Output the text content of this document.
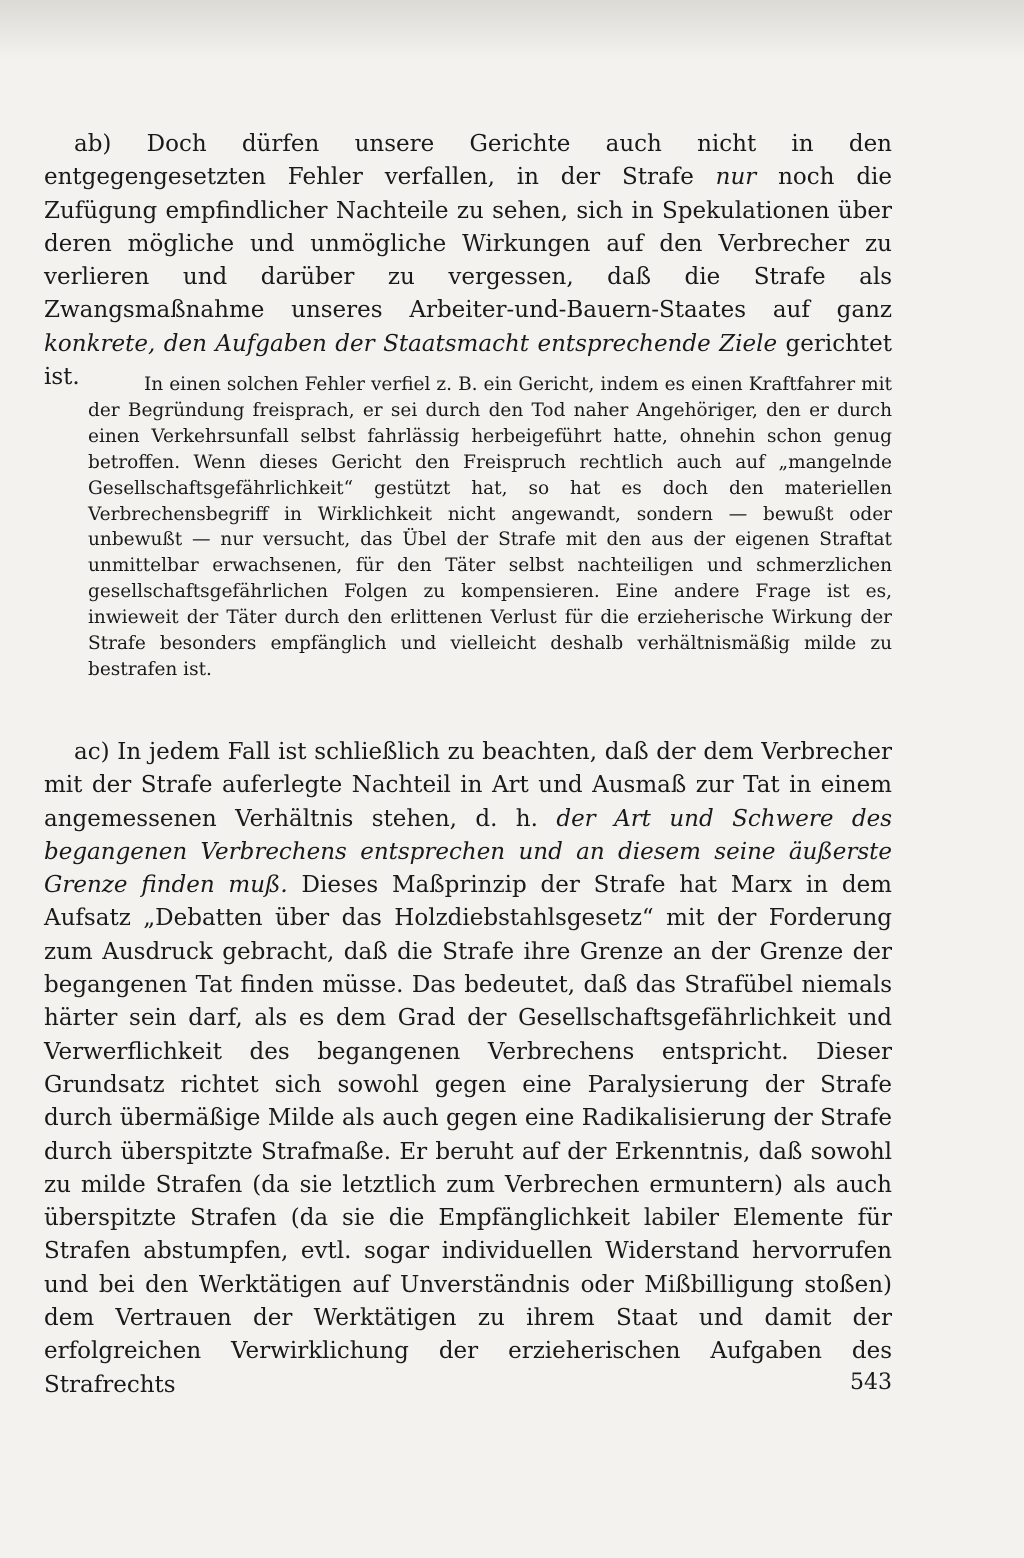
ab) Doch dürfen unsere Gerichte auch nicht in den entgegengesetzten Fehler verfallen, in der Strafe nur noch die Zufügung empfindlicher Nachteile zu sehen, sich in Spekulationen über deren mögliche und unmögliche Wirkungen auf den Verbrecher zu verlieren und darüber zu vergessen, daß die Strafe als Zwangsmaßnahme unseres Arbeiter-und-Bauern-Staates auf ganz konkrete, den Aufgaben der Staatsmacht entsprechende Ziele gerichtet ist.	In einen solchen Fehler verfiel z. B. ein Gericht, indem es einen Kraftfahrer mit der Begründung freisprach, er sei durch den Tod naher Angehöriger, den er durch einen Verkehrsunfall selbst fahrlässig herbeigeführt hatte, ohnehin schon genug betroffen. Wenn dieses Gericht den Freispruch rechtlich auch auf „mangelnde Gesellschaftsgefährlichkeit“ gestützt hat, so hat es doch den materiellen Verbrechensbegriff in Wirklichkeit nicht angewandt, sondern — bewußt oder unbewußt — nur versucht, das Übel der Strafe mit den aus der eigenen Straftat unmittelbar erwachsenen, für den Täter selbst nachteiligen und schmerzlichen gesellschaftsgefährlichen Folgen zu kompensieren. Eine andere Frage ist es, inwieweit der Täter durch den erlittenen Verlust für die erzieherische Wirkung der Strafe besonders empfänglich und vielleicht deshalb verhältnismäßig milde zu bestrafen ist.

ac) In jedem Fall ist schließlich zu beachten, daß der dem Verbrecher mit der Strafe auferlegte Nachteil in Art und Ausmaß zur Tat in einem angemessenen Verhältnis stehen, d. h. der Art und Schwere des begangenen Verbrechens entsprechen und an diesem seine äußerste Grenze finden muß. Dieses Maßprinzip der Strafe hat Marx in dem Aufsatz „Debatten über das Holzdiebstahlsgesetz“ mit der Forderung zum Ausdruck gebracht, daß die Strafe ihre Grenze an der Grenze der begangenen Tat finden müsse. Das bedeutet, daß das Strafübel niemals härter sein darf, als es dem Grad der Gesellschaftsgefährlichkeit und Verwerflichkeit des begangenen Verbrechens entspricht. Dieser Grundsatz richtet sich sowohl gegen eine Paralysierung der Strafe durch übermäßige Milde als auch gegen eine Radikalisierung der Strafe durch überspitzte Strafmaße. Er beruht auf der Erkenntnis, daß sowohl zu milde Strafen (da sie letztlich zum Verbrechen ermuntern) als auch überspitzte Strafen (da sie die Empfänglichkeit labiler Elemente für Strafen abstumpfen, evtl. sogar individuellen Widerstand hervorrufen und bei den Werktätigen auf Unverständnis oder Mißbilligung stoßen) dem Vertrauen der Werktätigen zu ihrem Staat und damit der erfolgreichen Verwirklichung der erzieherischen Aufgaben des Strafrechts	543
